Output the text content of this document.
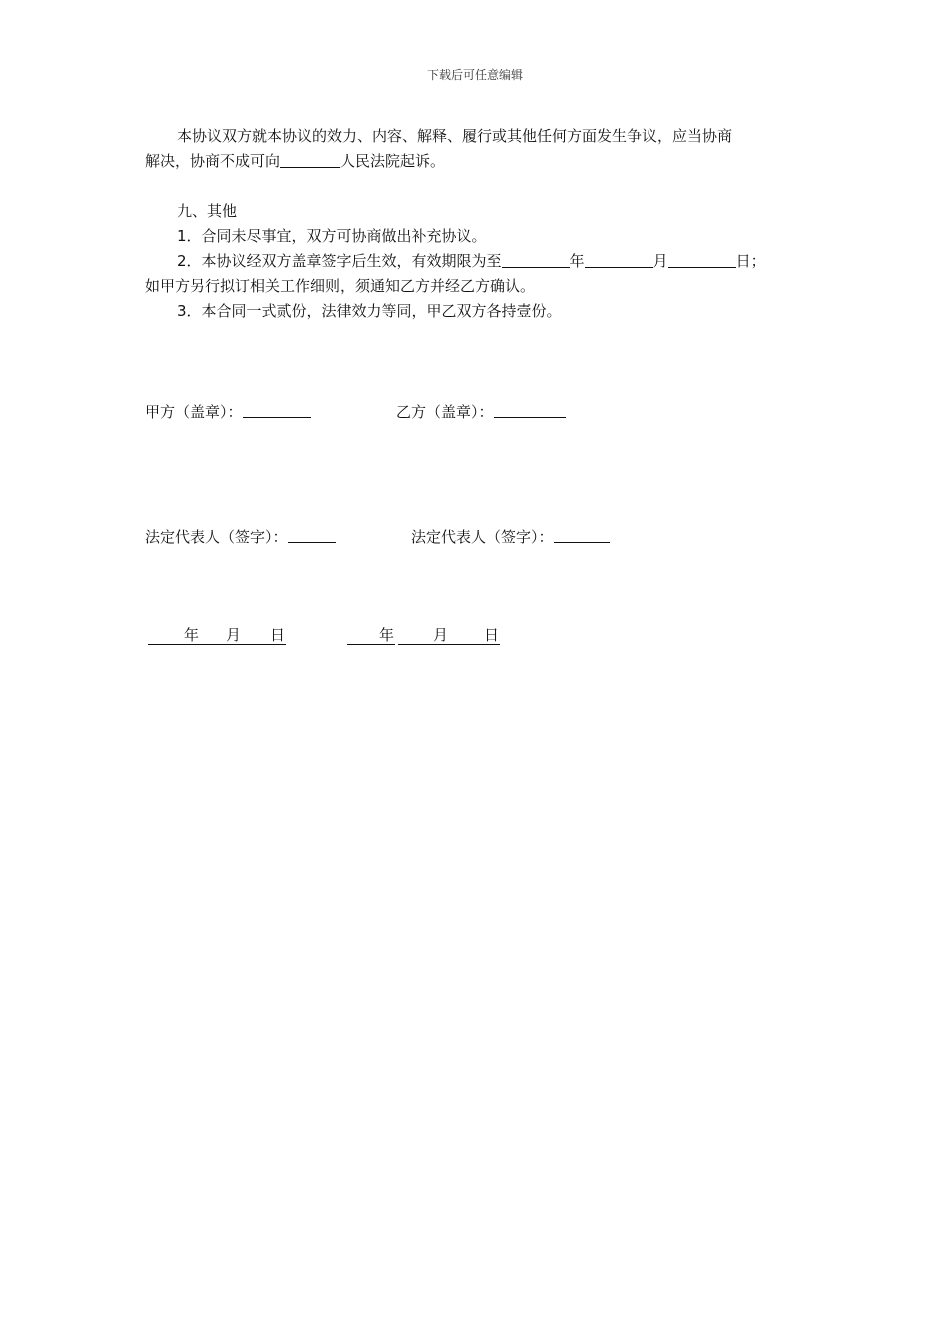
下载后可任意编辑
本协议双方就本协议的效力、内容、解释、履行或其他任何方面发生争议，应当协商
解决，协商不成可向	人民法院起诉。
九、其他
1．合同未尽事宜，双方可协商做出补充协议。
2．本协议经双方盖章签字后生效，有效期限为至	年	月	日；
如甲方另行拟订相关工作细则，须通知乙方并经乙方确认。
3．本合同一式贰份，法律效力等同，甲乙双方各持壹份。
甲方（盖章）：	乙方（盖章）：
法定代表人（签字）：	法定代表人（签字）：
年 月 日	年	月 日
